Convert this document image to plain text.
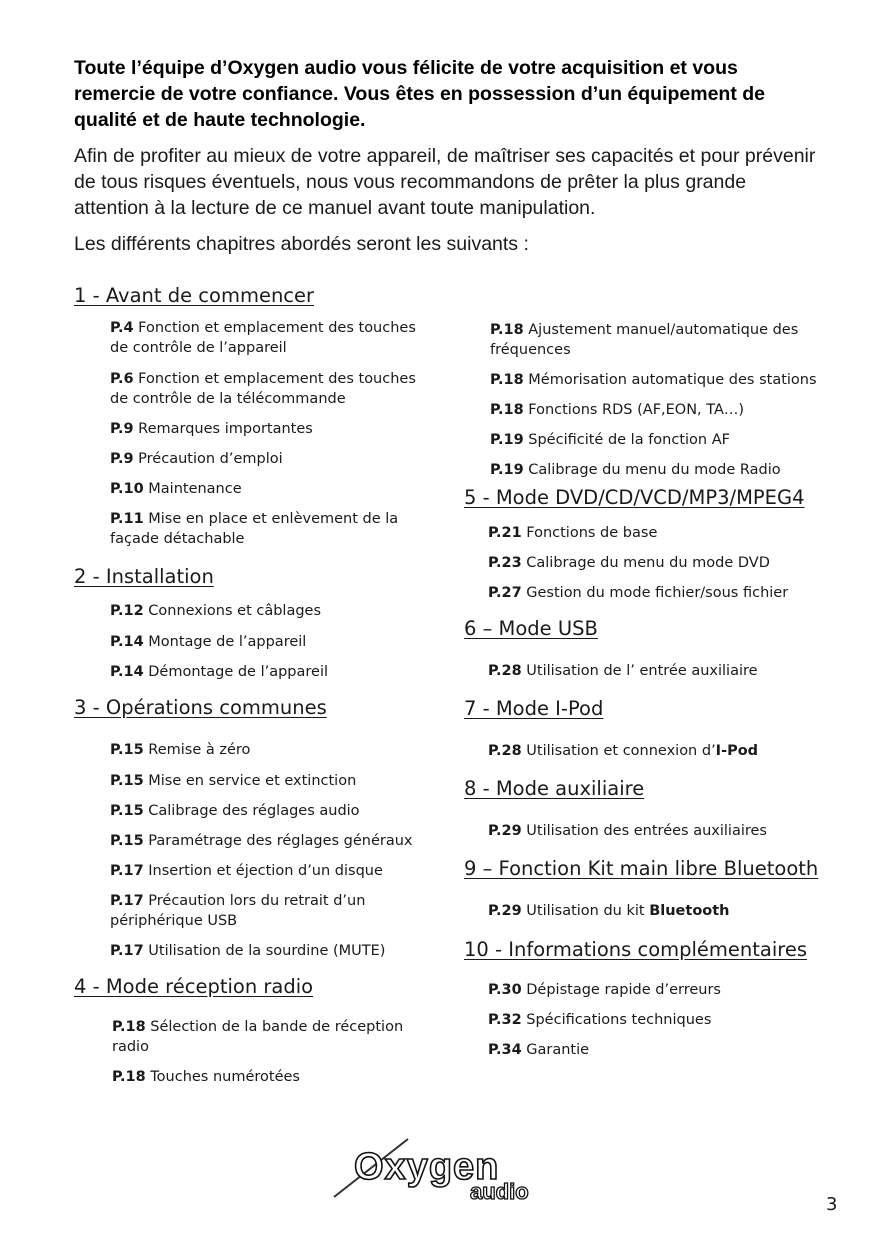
Toute l’équipe d’Oxygen audio vous félicite de votre acquisition et vous remercie de votre confiance. Vous êtes en possession d’un équipement de qualité et de haute technologie.
Afin de profiter au mieux de votre appareil, de maîtriser ses capacités et pour prévenir de tous risques éventuels, nous vous recommandons de prêter la plus grande attention à la lecture de ce manuel avant toute manipulation.
Les différents chapitres abordés seront les suivants :
1 - Avant de commencer
P.4 Fonction et emplacement des touches de contrôle de l’appareil
P.6 Fonction et emplacement des touches de contrôle de la télécommande
P.9 Remarques importantes
P.9 Précaution d’emploi
P.10 Maintenance
P.11 Mise en place et enlèvement de la façade détachable
2 - Installation
P.12 Connexions et câblages
P.14 Montage de l’appareil
P.14 Démontage de l’appareil
3 - Opérations communes
P.15 Remise à zéro
P.15 Mise en service et extinction
P.15 Calibrage des réglages audio
P.15 Paramétrage des réglages généraux
P.17 Insertion et éjection d’un disque
P.17 Précaution lors du retrait d’un périphérique USB
P.17 Utilisation de la sourdine (MUTE)
4 - Mode réception radio
P.18 Sélection de la bande de réception radio
P.18 Touches numérotées
P.18 Ajustement manuel/automatique des fréquences
P.18 Mémorisation automatique des stations
P.18 Fonctions RDS (AF,EON, TA…)
P.19 Spécificité de la fonction AF
P.19 Calibrage du menu du mode Radio
5 - Mode DVD/CD/VCD/MP3/MPEG4
P.21 Fonctions de base
P.23 Calibrage du menu du mode DVD
P.27 Gestion du mode fichier/sous fichier
6 – Mode USB
P.28 Utilisation de l’ entrée auxiliaire
7 - Mode I-Pod
P.28 Utilisation et connexion d’I-Pod
8 - Mode auxiliaire
P.29 Utilisation des entrées auxiliaires
9 – Fonction Kit main libre Bluetooth
P.29 Utilisation du kit Bluetooth
10 - Informations complémentaires
P.30 Dépistage rapide d’erreurs
P.32 Spécifications techniques
P.34 Garantie
Oxygen
audio
3
